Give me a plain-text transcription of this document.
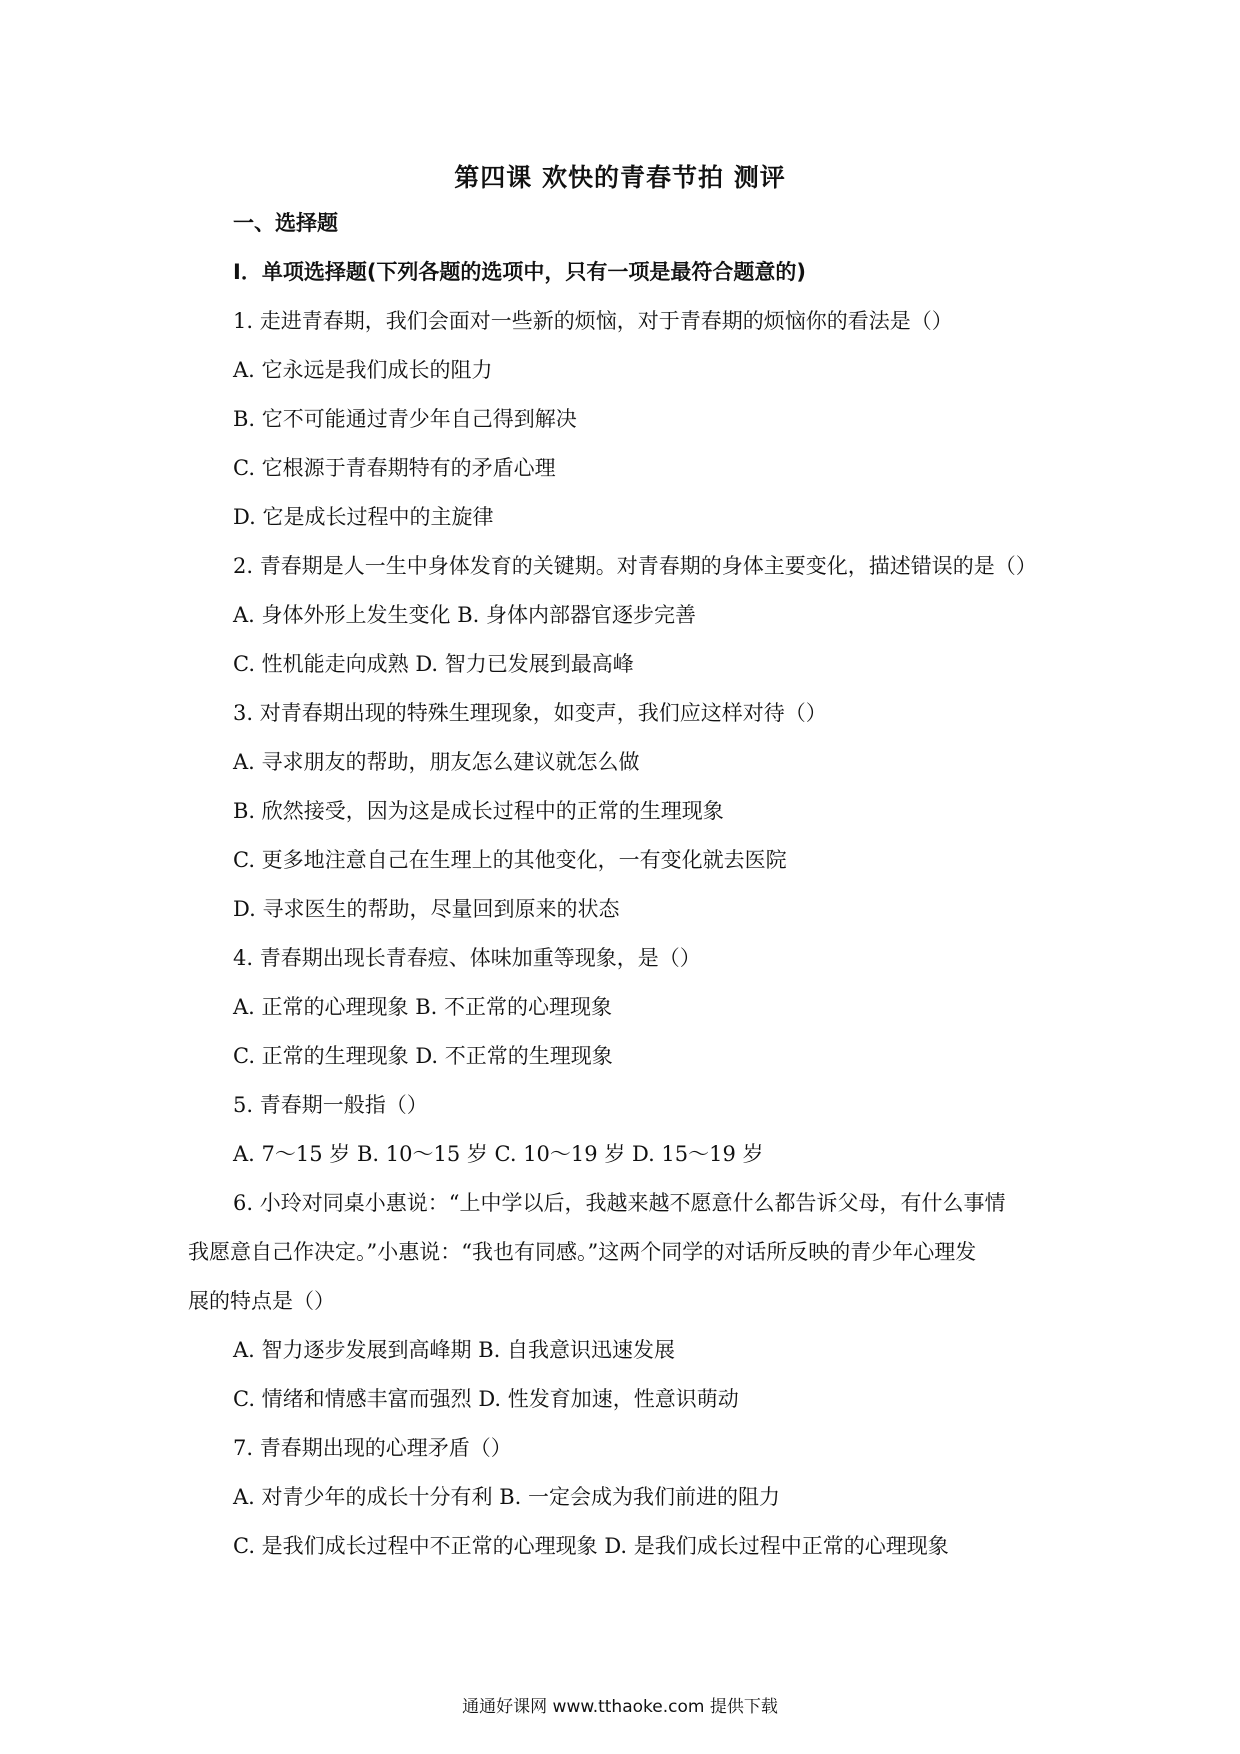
第四课 欢快的青春节拍 测评
一、选择题
Ⅰ．单项选择题(下列各题的选项中，只有一项是最符合题意的)
1. 走进青春期，我们会面对一些新的烦恼，对于青春期的烦恼你的看法是（）
A. 它永远是我们成长的阻力
B. 它不可能通过青少年自己得到解决
C. 它根源于青春期特有的矛盾心理
D. 它是成长过程中的主旋律
2. 青春期是人一生中身体发育的关键期。对青春期的身体主要变化，描述错误的是（）
A. 身体外形上发生变化 B. 身体内部器官逐步完善
C. 性机能走向成熟 D. 智力已发展到最高峰
3. 对青春期出现的特殊生理现象，如变声，我们应这样对待（）
A. 寻求朋友的帮助，朋友怎么建议就怎么做
B. 欣然接受，因为这是成长过程中的正常的生理现象
C. 更多地注意自己在生理上的其他变化，一有变化就去医院
D. 寻求医生的帮助，尽量回到原来的状态
4. 青春期出现长青春痘、体味加重等现象，是（）
A. 正常的心理现象 B. 不正常的心理现象
C. 正常的生理现象 D. 不正常的生理现象
5. 青春期一般指（）
A. 7～15 岁 B. 10～15 岁 C. 10～19 岁 D. 15～19 岁
6. 小玲对同桌小惠说：“上中学以后，我越来越不愿意什么都告诉父母，有什么事情
我愿意自己作决定。”小惠说：“我也有同感。”这两个同学的对话所反映的青少年心理发
展的特点是（）
A. 智力逐步发展到高峰期 B. 自我意识迅速发展
C. 情绪和情感丰富而强烈 D. 性发育加速，性意识萌动
7. 青春期出现的心理矛盾（）
A. 对青少年的成长十分有利 B. 一定会成为我们前进的阻力
C. 是我们成长过程中不正常的心理现象 D. 是我们成长过程中正常的心理现象
通通好课网 www.tthaoke.com 提供下载
